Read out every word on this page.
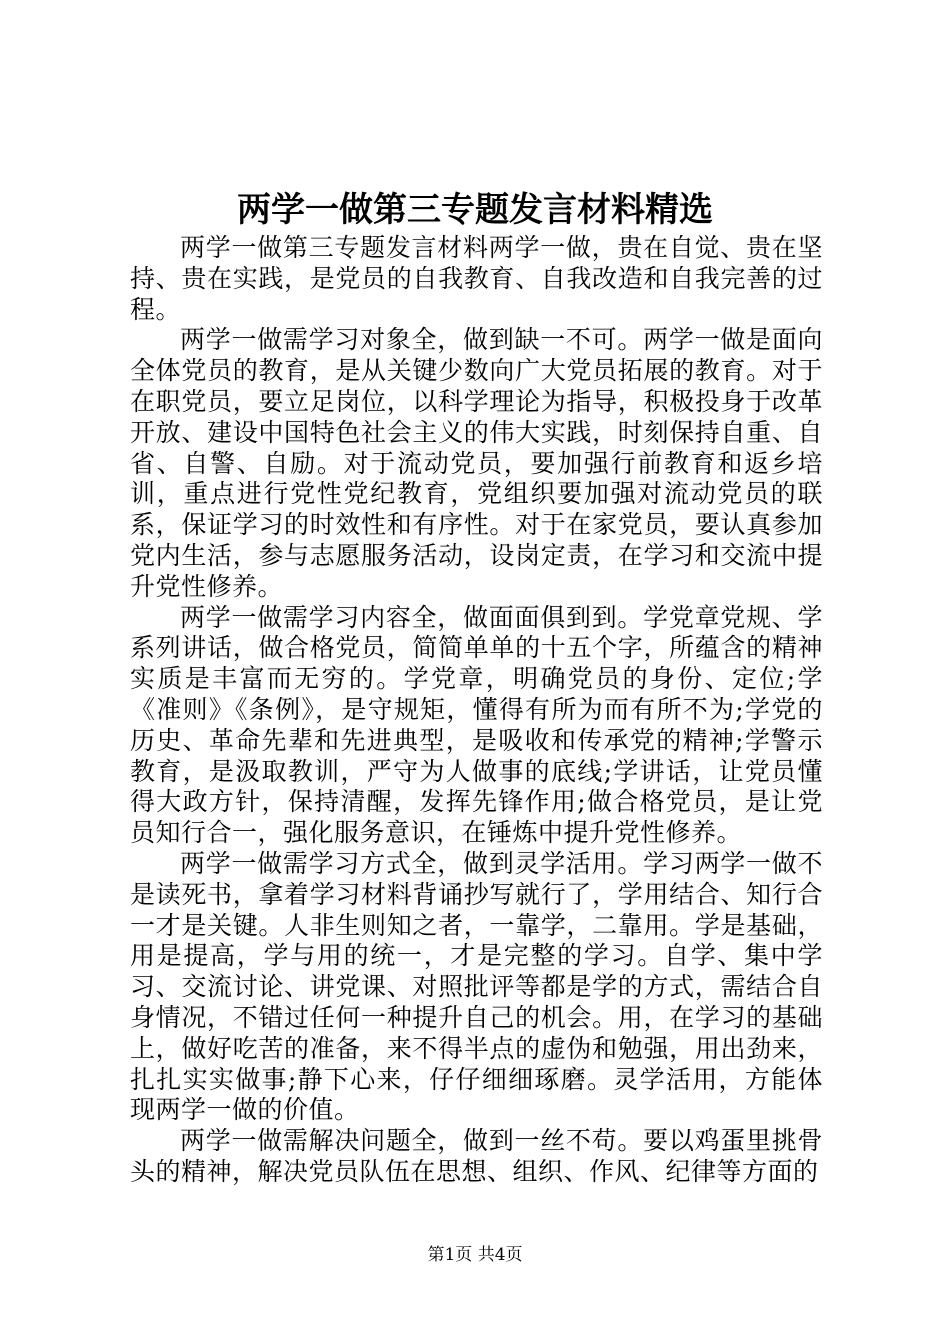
两学一做第三专题发言材料精选

两学一做第三专题发言材料两学一做，贵在自觉、贵在坚持、贵在实践，是党员的自我教育、自我改造和自我完善的过程。

两学一做需学习对象全，做到缺一不可。两学一做是面向全体党员的教育，是从关键少数向广大党员拓展的教育。对于在职党员，要立足岗位，以科学理论为指导，积极投身于改革开放、建设中国特色社会主义的伟大实践，时刻保持自重、自省、自警、自励。对于流动党员，要加强行前教育和返乡培训，重点进行党性党纪教育，党组织要加强对流动党员的联系，保证学习的时效性和有序性。对于在家党员，要认真参加党内生活，参与志愿服务活动，设岗定责，在学习和交流中提升党性修养。

两学一做需学习内容全，做面面俱到到。学党章党规、学系列讲话，做合格党员，简简单单的十五个字，所蕴含的精神实质是丰富而无穷的。学党章，明确党员的身份、定位;学《准则》《条例》，是守规矩，懂得有所为而有所不为;学党的历史、革命先辈和先进典型，是吸收和传承党的精神;学警示教育，是汲取教训，严守为人做事的底线;学讲话，让党员懂得大政方针，保持清醒，发挥先锋作用;做合格党员，是让党员知行合一，强化服务意识，在锤炼中提升党性修养。

两学一做需学习方式全，做到灵学活用。学习两学一做不是读死书，拿着学习材料背诵抄写就行了，学用结合、知行合一才是关键。人非生则知之者，一靠学，二靠用。学是基础，用是提高，学与用的统一，才是完整的学习。自学、集中学习、交流讨论、讲党课、对照批评等都是学的方式，需结合自身情况，不错过任何一种提升自己的机会。用，在学习的基础上，做好吃苦的准备，来不得半点的虚伪和勉强，用出劲来，扎扎实实做事;静下心来，仔仔细细琢磨。灵学活用，方能体现两学一做的价值。

两学一做需解决问题全，做到一丝不苟。要以鸡蛋里挑骨头的精神，解决党员队伍在思想、组织、作风、纪律等方面的

第1页 共4页
